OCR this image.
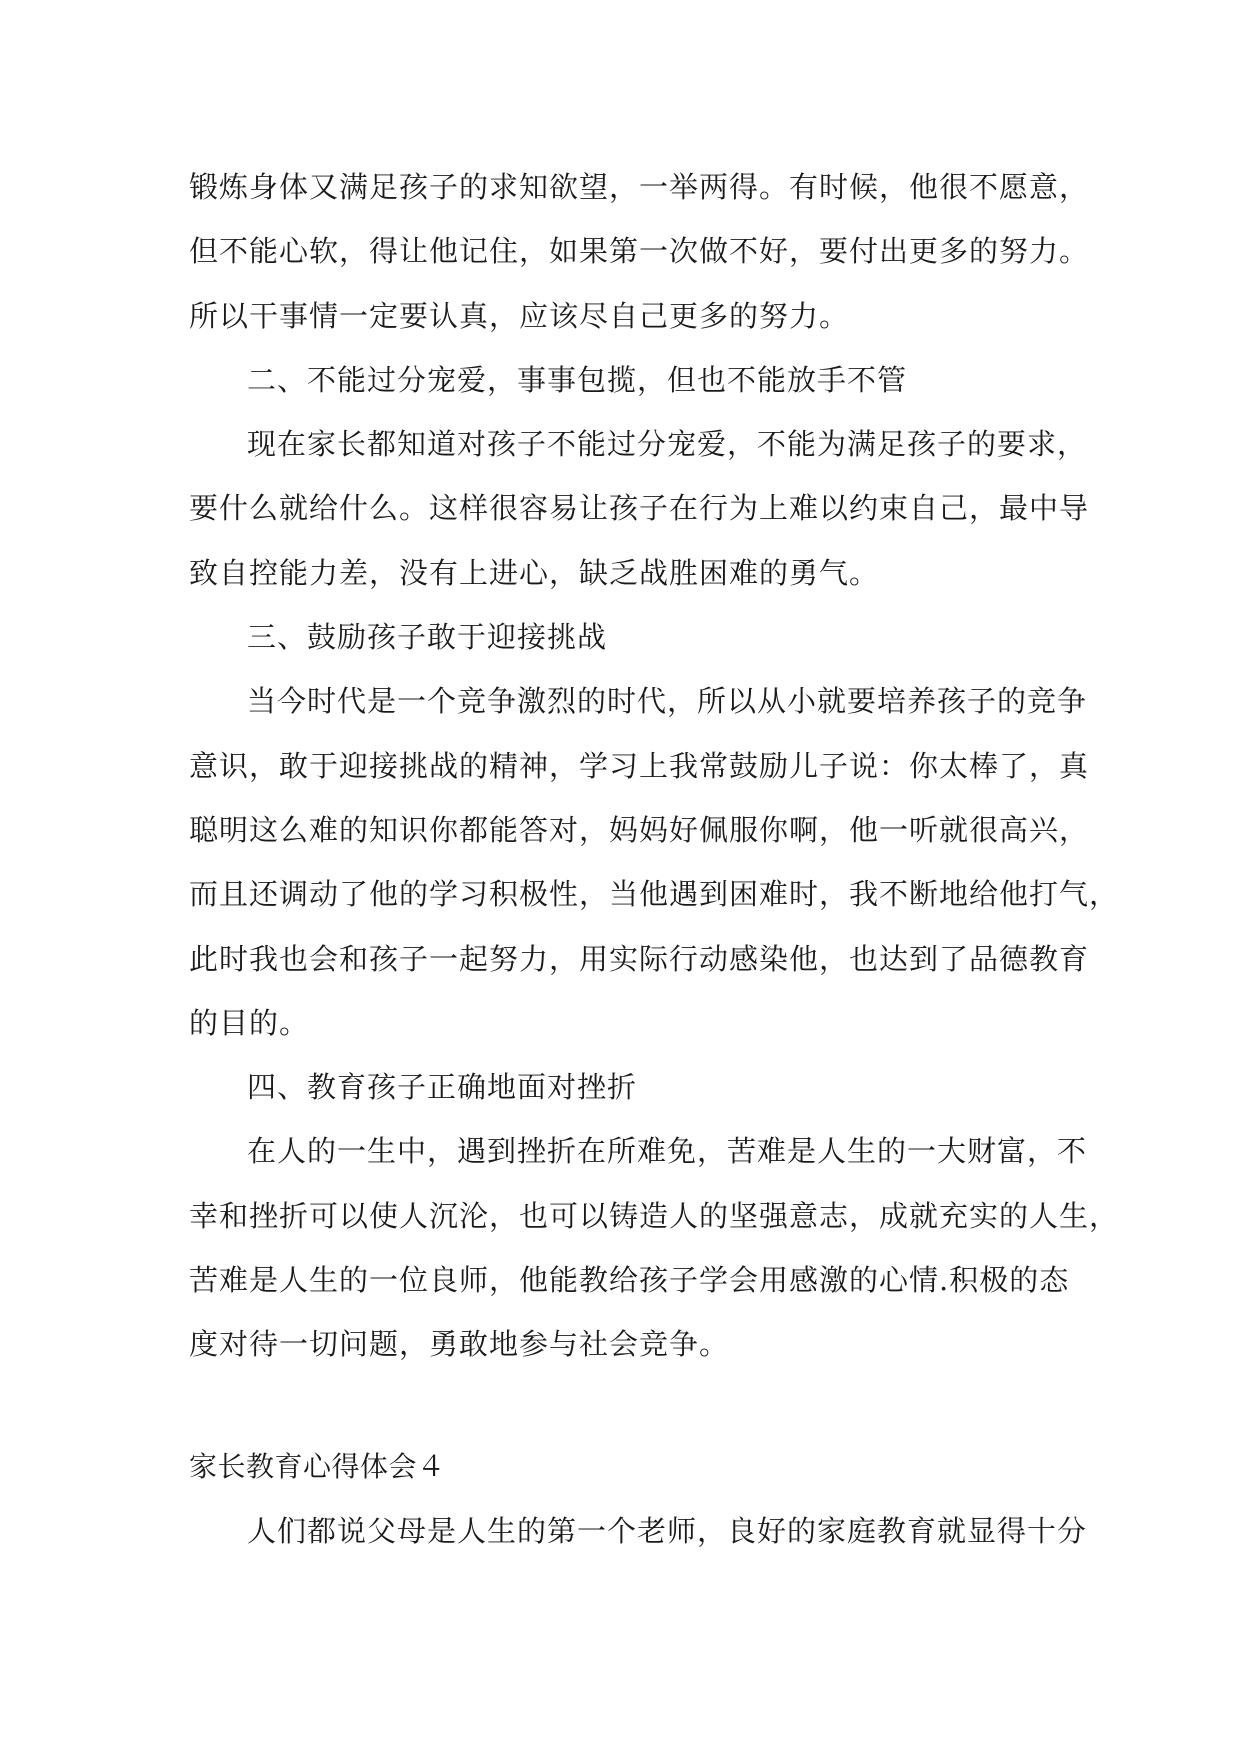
锻炼身体又满足孩子的求知欲望，一举两得。有时候，他很不愿意，
但不能心软，得让他记住，如果第一次做不好，要付出更多的努力。
所以干事情一定要认真，应该尽自己更多的努力。
二、不能过分宠爱，事事包揽，但也不能放手不管
现在家长都知道对孩子不能过分宠爱，不能为满足孩子的要求，
要什么就给什么。这样很容易让孩子在行为上难以约束自己，最中导
致自控能力差，没有上进心，缺乏战胜困难的勇气。
三、鼓励孩子敢于迎接挑战
当今时代是一个竞争激烈的时代，所以从小就要培养孩子的竞争
意识，敢于迎接挑战的精神，学习上我常鼓励儿子说：你太棒了，真
聪明这么难的知识你都能答对，妈妈好佩服你啊，他一听就很高兴，
而且还调动了他的学习积极性，当他遇到困难时，我不断地给他打气，
此时我也会和孩子一起努力，用实际行动感染他，也达到了品德教育
的目的。
四、教育孩子正确地面对挫折
在人的一生中，遇到挫折在所难免，苦难是人生的一大财富，不
幸和挫折可以使人沉沦，也可以铸造人的坚强意志，成就充实的人生，
苦难是人生的一位良师，他能教给孩子学会用感激的心情.积极的态
度对待一切问题，勇敢地参与社会竞争。
家长教育心得体会４
人们都说父母是人生的第一个老师，良好的家庭教育就显得十分
